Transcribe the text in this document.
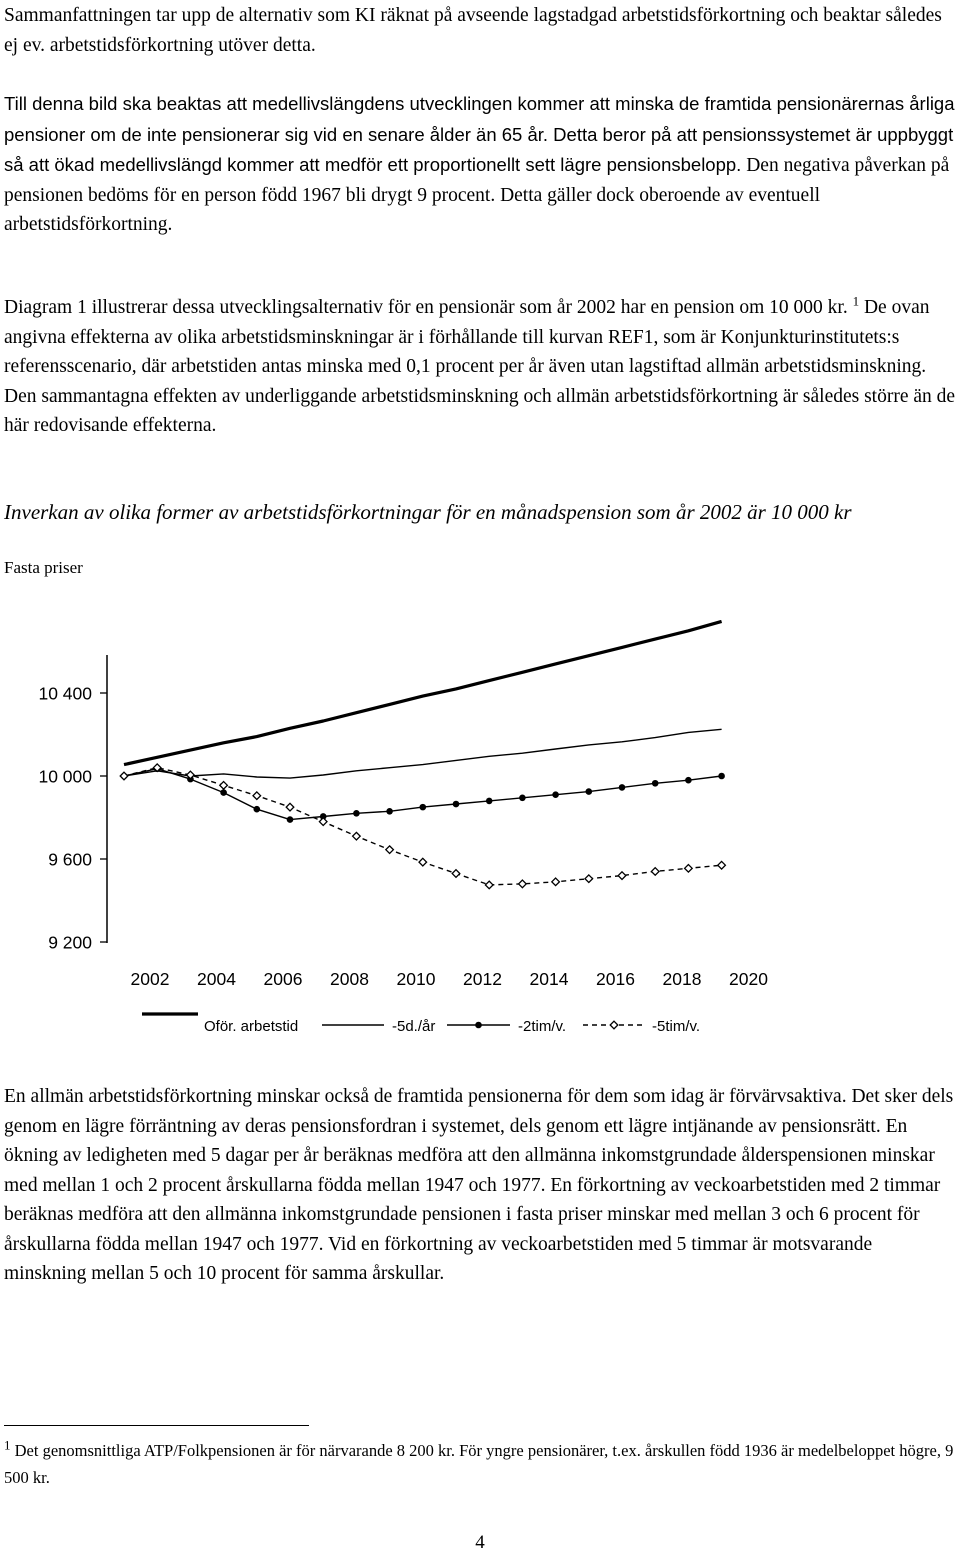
Sammanfattningen tar upp de alternativ som KI räknat på avseende lagstadgad arbetstidsförkortning och beaktar således ej ev. arbetstidsförkortning utöver detta.

Till denna bild ska beaktas att medellivslängdens utvecklingen kommer att minska de framtida pensionärernas årliga pensioner om de inte pensionerar sig vid en senare ålder än 65 år. Detta beror på att pensionssystemet är uppbyggt så att ökad medellivslängd kommer att medför ett proportionellt sett lägre pensionsbelopp. Den negativa påverkan på pensionen bedöms för en person född 1967 bli drygt 9 procent. Detta gäller dock oberoende av eventuell arbetstidsförkortning.

Diagram 1 illustrerar dessa utvecklingsalternativ för en pensionär som år 2002 har en pension om 10 000 kr. $^1$ De ovan angivna effekterna av olika arbetstidsminskningar är i förhållande till kurvan REF1, som är Konjunkturinstitutets:s referensscenario, där arbetstiden antas minska med 0,1 procent per år även utan lagstiftad allmän arbetstidsminskning. Den sammantagna effekten av underliggande arbetstidsminskning och allmän arbetstidsförkortning är således större än de här redovisande effekterna.

Inverkan av olika former av arbetstidsförkortningar för en månadspension som år 2002 är 10 000 kr

Fasta priser

9 200
9 600
10 000
10 400
2002 2004 2006 2008 2010 2012 2014 2016 2018 2020
Oför. arbetstid	-5d./år	-2tim/v.	-5tim/v.

En allmän arbetstidsförkortning minskar också de framtida pensionerna för dem som idag är förvärvsaktiva. Det sker dels genom en lägre förräntning av deras pensionsfordran i systemet, dels genom ett lägre intjänande av pensionsrätt. En ökning av ledigheten med 5 dagar per år beräknas medföra att den allmänna inkomstgrundade ålderspensionen minskar med mellan 1 och 2 procent årskullarna födda mellan 1947 och 1977. En förkortning av veckoarbetstiden med 2 timmar beräknas medföra att den allmänna inkomstgrundade pensionen i fasta priser minskar med mellan 3 och 6 procent för årskullarna födda mellan 1947 och 1977. Vid en förkortning av veckoarbetstiden med 5 timmar är motsvarande minskning mellan 5 och 10 procent för samma årskullar.

$^1$ Det genomsnittliga ATP/Folkpensionen är för närvarande 8 200 kr. För yngre pensionärer, t.ex. årskullen född 1936 är medelbeloppet högre, 9 500 kr.

4
